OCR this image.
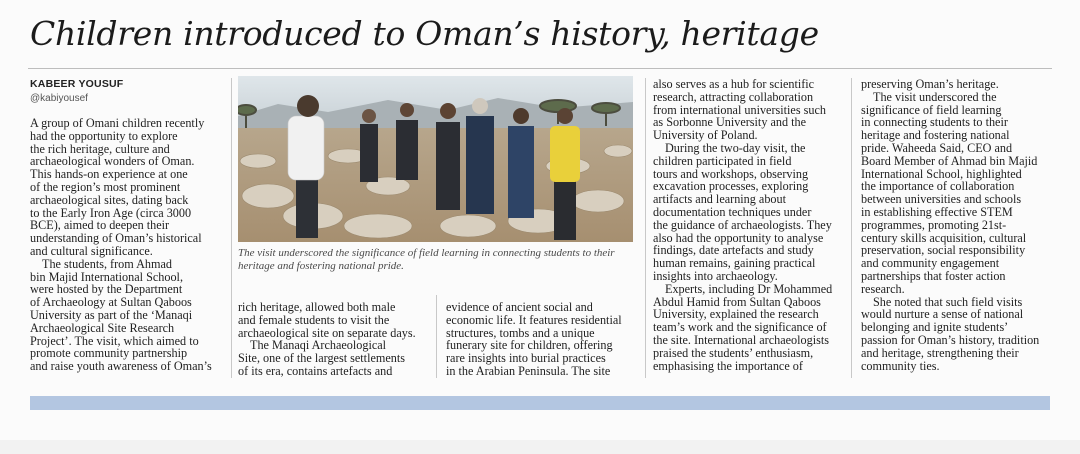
Children introduced to Oman’s history, heritage
KABEER YOUSUF
@kabiyousef

A group of Omani children recently

had the opportunity to explore

the rich heritage, culture and

archaeological wonders of Oman.

This hands-on experience at one

of the region’s most prominent

archaeological sites, dating back

to the Early Iron Age (circa 3000

BCE), aimed to deepen their

understanding of Oman’s historical

and cultural significance.

The students, from Ahmad

bin Majid International School,

were hosted by the Department

of Archaeology at Sultan Qaboos

University as part of the ‘Manaqi

Archaeological Site Research

Project’. The visit, which aimed to

promote community partnership

and raise youth awareness of Oman’s

The visit underscored the significance of field learning in connecting students to their
heritage and fostering national pride.

rich heritage, allowed both male

and female students to visit the

archaeological site on separate days.

The Manaqi Archaeological

Site, one of the largest settlements

of its era, contains artefacts and

evidence of ancient social and

economic life. It features residential

structures, tombs and a unique

funerary site for children, offering

rare insights into burial practices

in the Arabian Peninsula. The site

also serves as a hub for scientific

research, attracting collaboration

from international universities such

as Sorbonne University and the

University of Poland.

During the two-day visit, the

children participated in field

tours and workshops, observing

excavation processes, exploring

artifacts and learning about

documentation techniques under

the guidance of archaeologists. They

also had the opportunity to analyse

findings, date artefacts and study

human remains, gaining practical

insights into archaeology.

Experts, including Dr Mohammed

Abdul Hamid from Sultan Qaboos

University, explained the research

team’s work and the significance of

the site. International archaeologists

praised the students’ enthusiasm,

emphasising the importance of

preserving Oman’s heritage.

The visit underscored the

significance of field learning

in connecting students to their

heritage and fostering national

pride. Waheeda Said, CEO and

Board Member of Ahmad bin Majid

International School, highlighted

the importance of collaboration

between universities and schools

in establishing effective STEM

programmes, promoting 21st-

century skills acquisition, cultural

preservation, social responsibility

and community engagement

partnerships that foster action

research.

She noted that such field visits

would nurture a sense of national

belonging and ignite students’

passion for Oman’s history, tradition

and heritage, strengthening their

community ties.
